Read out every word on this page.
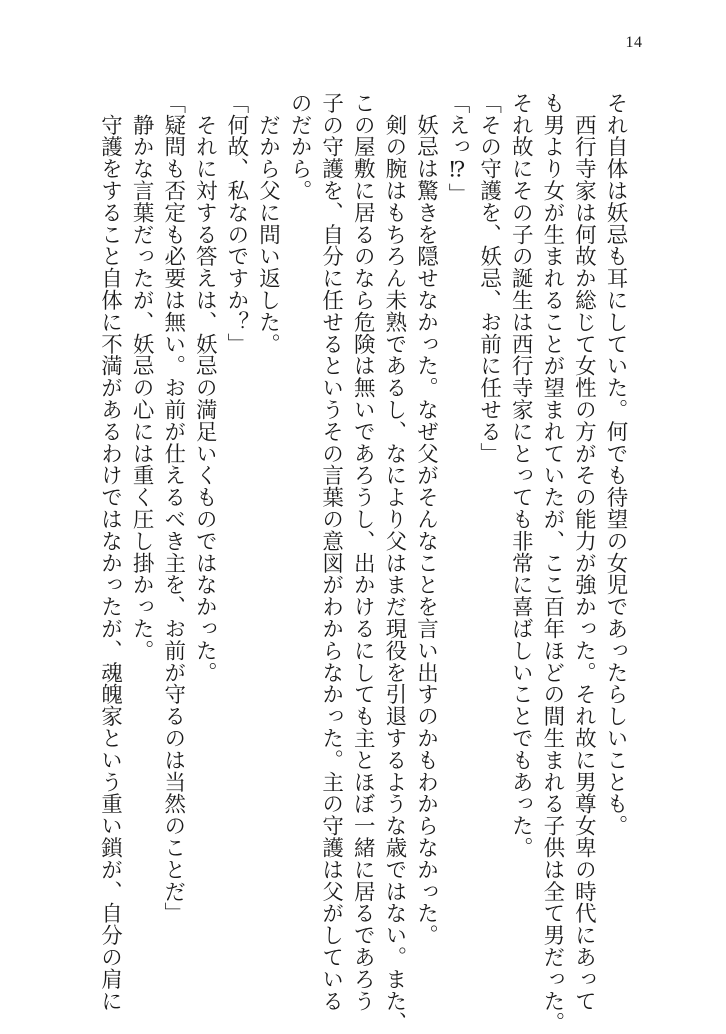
14
それ自体は妖忌も耳にしていた。何でも待望の女児であったらしいことも。
　西行寺家は何故か総じて女性の方がその能力が強かった。それ故に男尊女卑の時代にあって
も男より女が生まれることが望まれていたが、ここ百年ほどの間生まれる子供は全て男だった。
それ故にその子の誕生は西行寺家にとっても非常に喜ばしいことでもあった。
「その守護を、妖忌、お前に任せる」
「えっ⁉」
　妖忌は驚きを隠せなかった。なぜ父がそんなことを言い出すのかもわからなかった。
　剣の腕はもちろん未熟であるし、なにより父はまだ現役を引退するような歳ではない。また、
この屋敷に居るのなら危険は無いであろうし、出かけるにしても主とほぼ一緒に居るであろう
子の守護を、自分に任せるというその言葉の意図がわからなかった。主の守護は父がしている
のだから。
　だから父に問い返した。
「何故、私なのですか？」
　それに対する答えは、妖忌の満足いくものではなかった。
「疑問も否定も必要は無い。お前が仕えるべき主を、お前が守るのは当然のことだ」
　静かな言葉だったが、妖忌の心には重く圧し掛かった。
　守護をすること自体に不満があるわけではなかったが、魂魄家という重い鎖が、自分の肩に
